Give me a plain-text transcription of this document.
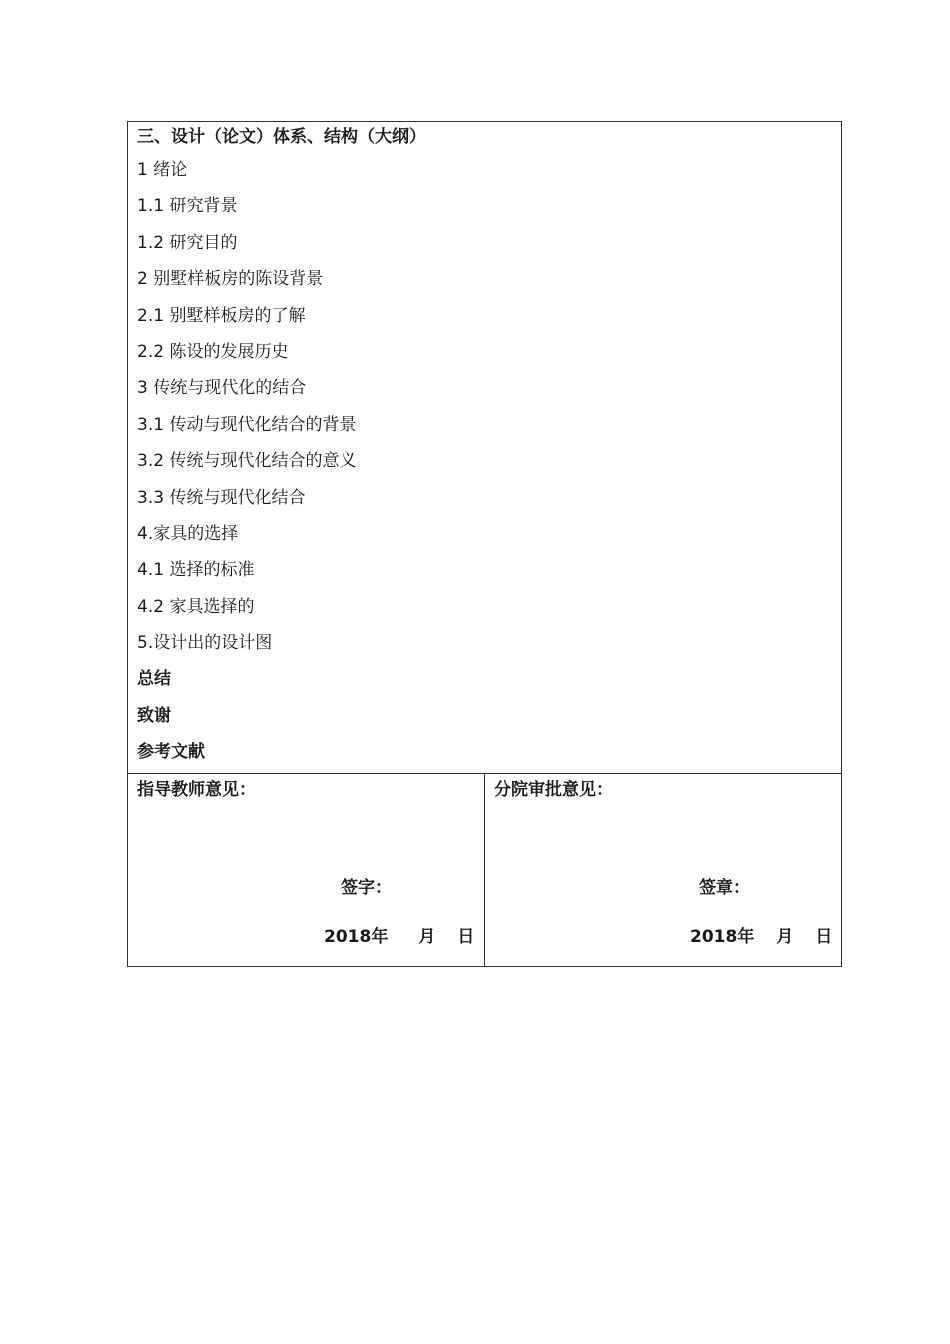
三、设计（论文）体系、结构（大纲）
1 绪论
1.1 研究背景
1.2 研究目的
2 别墅样板房的陈设背景
2.1 别墅样板房的了解
2.2 陈设的发展历史
3 传统与现代化的结合
3.1 传动与现代化结合的背景
3.2 传统与现代化结合的意义
3.3 传统与现代化结合
4.家具的选择
4.1 选择的标准
4.2 家具选择的
5.设计出的设计图
总结
致谢
参考文献
指导教师意见：
签字：
2018年 月 日
分院审批意见：
签章：
2018年 月 日
